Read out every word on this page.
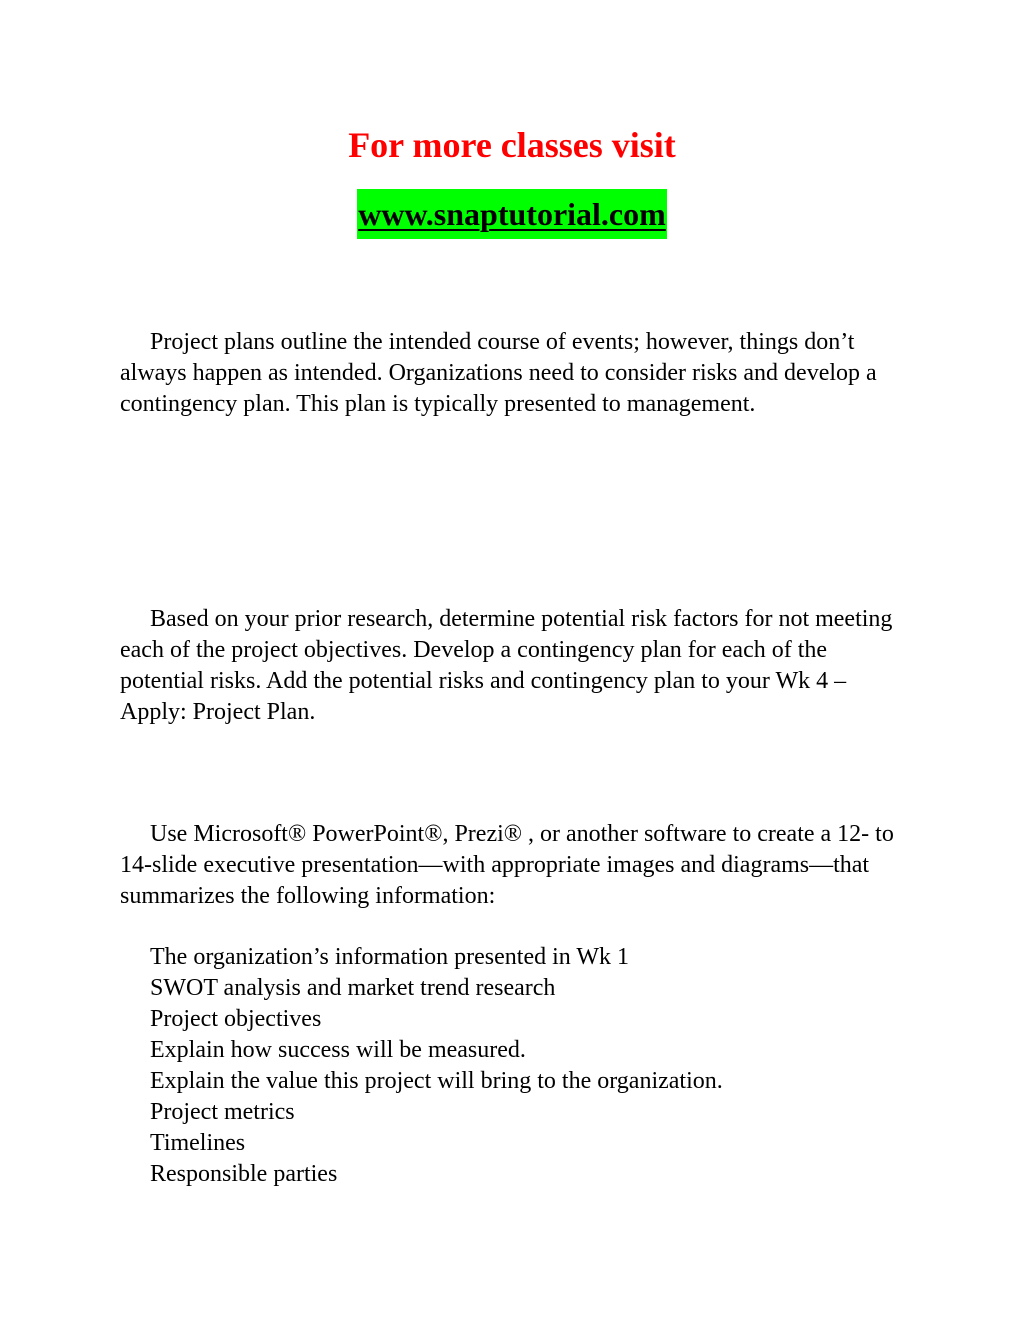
For more classes visit
www.snaptutorial.com

Project plans outline the intended course of events; however, things don’t always happen as intended. Organizations need to consider risks and develop a contingency plan. This plan is typically presented to management.

Based on your prior research, determine potential risk factors for not meeting each of the project objectives. Develop a contingency plan for each of the potential risks. Add the potential risks and contingency plan to your Wk 4 – Apply: Project Plan.

Use Microsoft® PowerPoint®, Prezi® , or another software to create a 12- to 14-slide executive presentation—with appropriate images and diagrams—that summarizes the following information:

The organization’s information presented in Wk 1
SWOT analysis and market trend research
Project objectives
Explain how success will be measured.
Explain the value this project will bring to the organization.
Project metrics
Timelines
Responsible parties
